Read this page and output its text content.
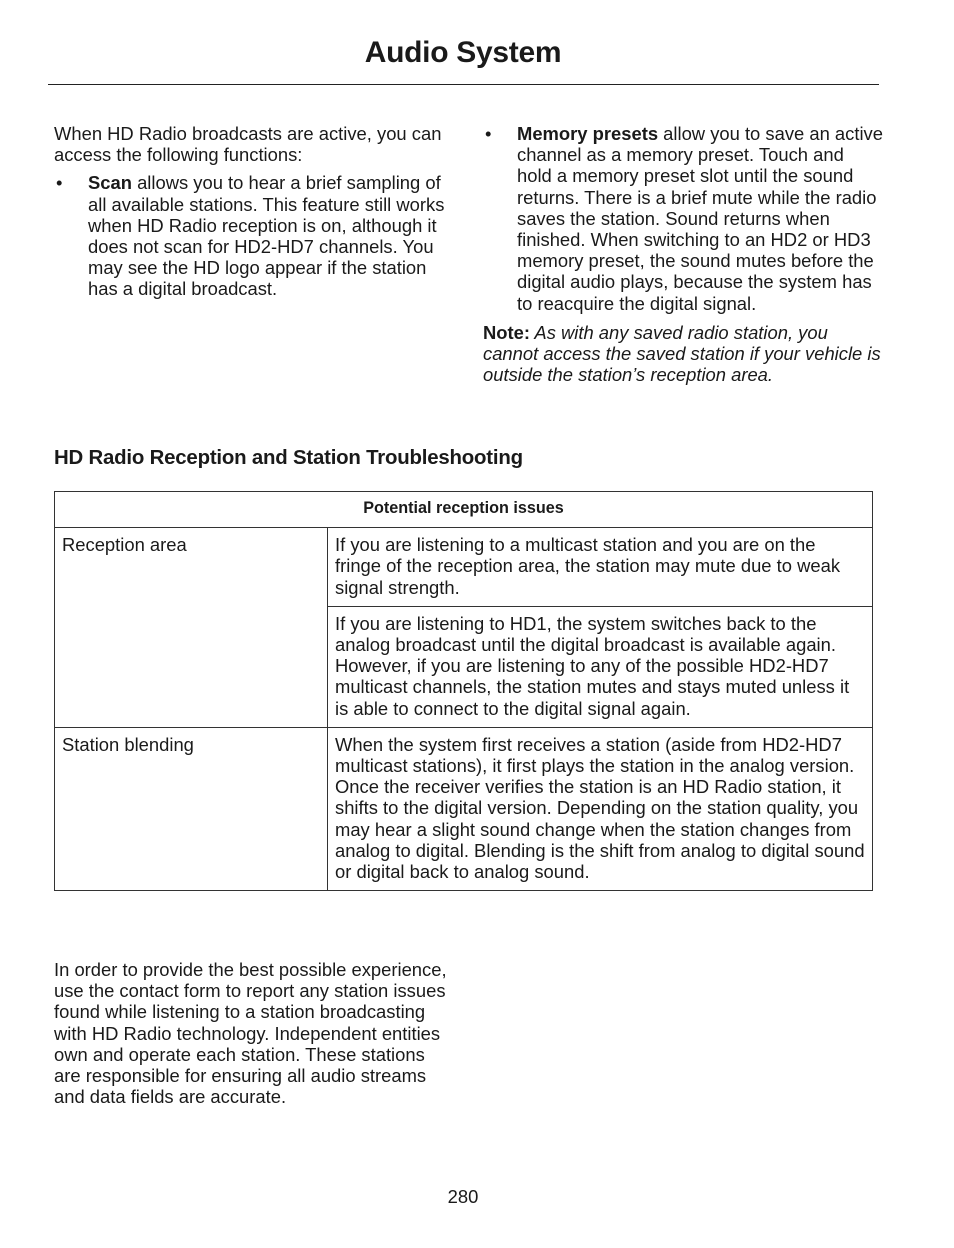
Audio System

When HD Radio broadcasts are active, you can access the following functions:

•	Scan allows you to hear a brief sampling of all available stations. This feature still works when HD Radio reception is on, although it does not scan for HD2-HD7 channels. You may see the HD logo appear if the station has a digital broadcast.
•	Memory presets allow you to save an active channel as a memory preset. Touch and hold a memory preset slot until the sound returns. There is a brief mute while the radio saves the station. Sound returns when finished. When switching to an HD2 or HD3 memory preset, the sound mutes before the digital audio plays, because the system has to reacquire the digital signal.

Note: As with any saved radio station, you cannot access the saved station if your vehicle is outside the station’s reception area.

HD Radio Reception and Station Troubleshooting
Potential reception issues	
Reception area	If you are listening to a multicast station and you are on the fringe of the reception area, the station may mute due to weak signal strength.
	If you are listening to HD1, the system switches back to the analog broadcast until the digital broadcast is available again. However, if you are listening to any of the possible HD2-HD7 multicast channels, the station mutes and stays muted unless it is able to connect to the digital signal again.
Station blending	When the system first receives a station (aside from HD2-HD7 multicast stations), it first plays the station in the analog version. Once the receiver verifies the station is an HD Radio station, it shifts to the digital version. Depending on the station quality, you may hear a slight sound change when the station changes from analog to digital. Blending is the shift from analog to digital sound or digital back to analog sound.
In order to provide the best possible experience, use the contact form to report any station issues found while listening to a station broadcasting with HD Radio technology. Independent entities own and operate each station. These stations are responsible for ensuring all audio streams and data fields are accurate.
280
